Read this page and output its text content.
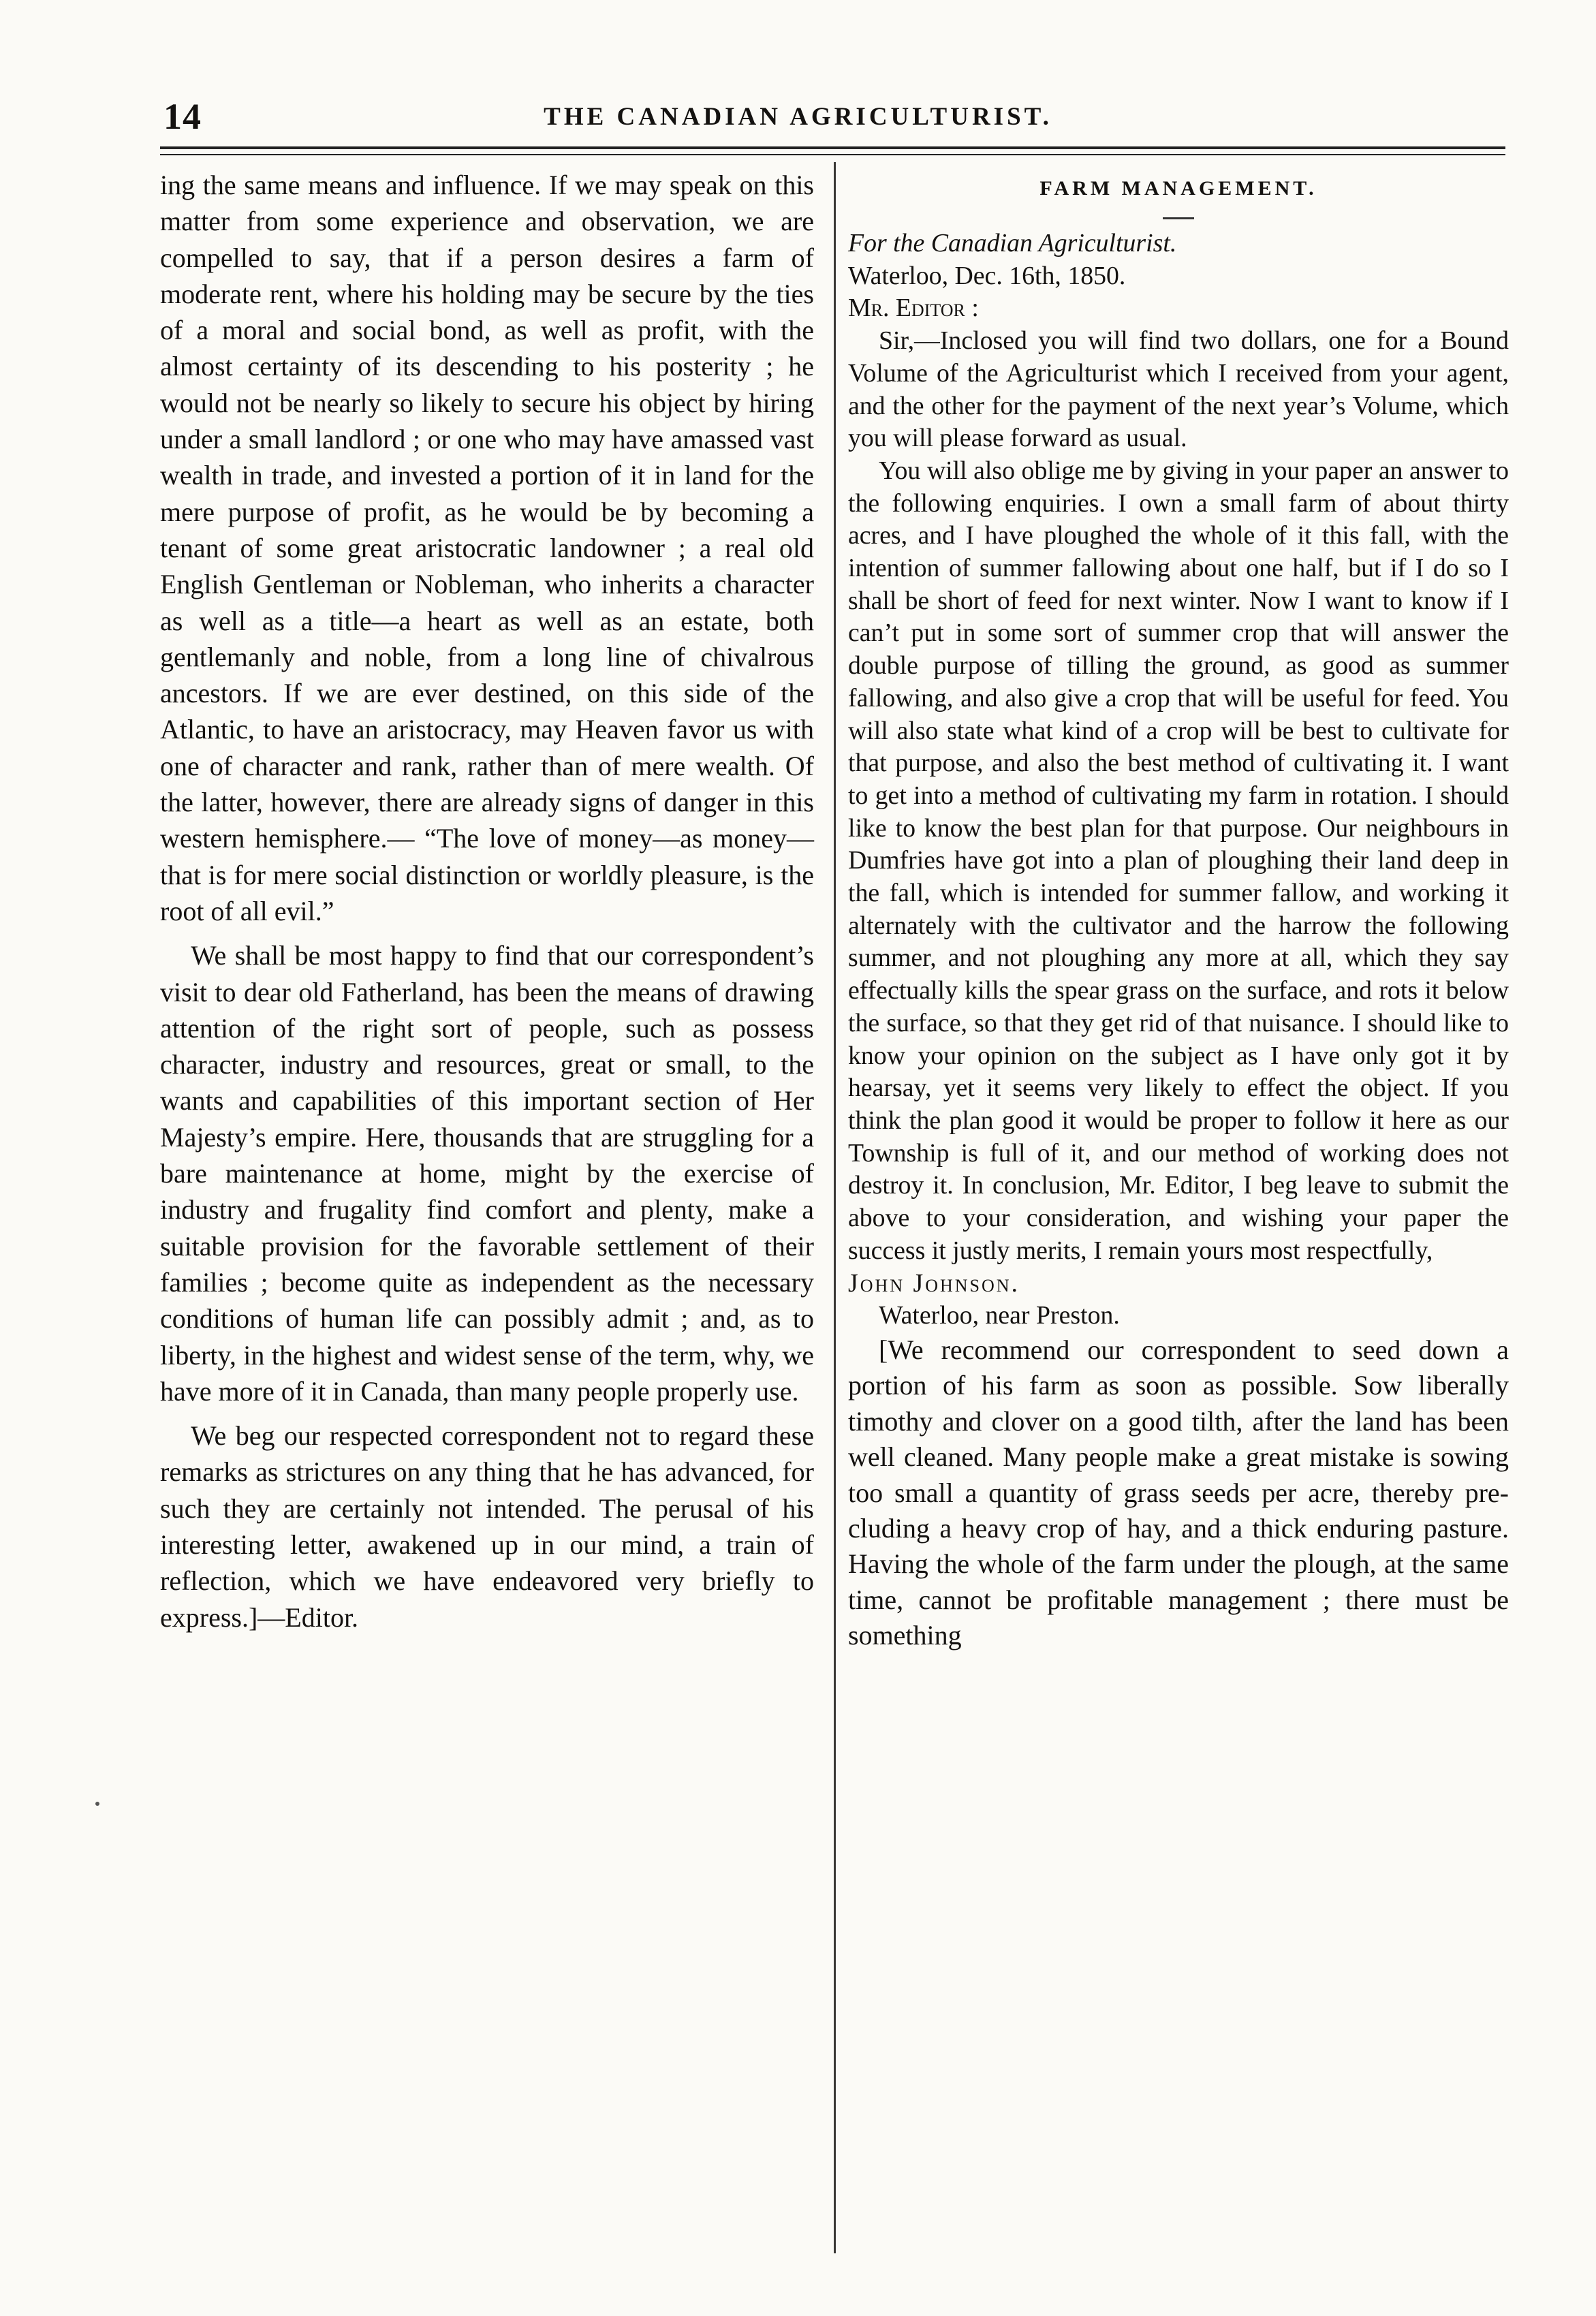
14	THE CANADIAN AGRICULTURIST.

ing the same means and influence. If we may speak on this matter from some experience and observation, we are compelled to say, that if a person desires a farm of moderate rent, where his holding may be secure by the ties of a moral and social bond, as well as profit, with the almost certainty of its descending to his posterity ; he would not be nearly so likely to secure his object by hiring under a small landlord ; or one who may have amassed vast wealth in trade, and invested a portion of it in land for the mere purpose of profit, as he would be by becoming a tenant of some great aristocratic landowner ; a real old English Gentleman or Nobleman, who inherits a character as well as a title—a heart as well as an estate, both gentlemanly and noble, from a long line of chivalrous ancestors. If we are ever destined, on this side of the Atlantic, to have an aristocracy, may Heaven favor us with one of character and rank, rather than of mere wealth. Of the latter, however, there are already signs of danger in this western hemisphere.— “The love of money—as money—that is for mere social distinction or worldly pleasure, is the root of all evil.”

We shall be most happy to find that our correspondent’s visit to dear old Fatherland, has been the means of drawing attention of the right sort of people, such as possess character, industry and resources, great or small, to the wants and capabilities of this important section of Her Majesty’s empire. Here, thousands that are struggling for a bare maintenance at home, might by the exercise of industry and frugality find comfort and plenty, make a suitable provision for the favorable settlement of their families ; become quite as independent as the necessary conditions of human life can possibly admit ; and, as to liberty, in the highest and widest sense of the term, why, we have more of it in Canada, than many people properly use.

We beg our respected correspondent not to regard these remarks as strictures on any thing that he has advanced, for such they are certainly not intended. The perusal of his interesting letter, awakened up in our mind, a train of reflection, which we have endeavored very briefly to express.]—Editor.

FARM MANAGEMENT.

For the Canadian Agriculturist.

Waterloo, Dec. 16th, 1850.

Mr. Editor :

Sir,—Inclosed you will find two dollars, one for a Bound Volume of the Agriculturist which I received from your agent, and the other for the payment of the next year’s Volume, which you will please forward as usual.

You will also oblige me by giving in your paper an answer to the following enquiries. I own a small farm of about thirty acres, and I have ploughed the whole of it this fall, with the intention of summer fallowing about one half, but if I do so I shall be short of feed for next winter. Now I want to know if I can’t put in some sort of summer crop that will answer the double purpose of tilling the ground, as good as summer fallowing, and also give a crop that will be useful for feed. You will also state what kind of a crop will be best to cultivate for that purpose, and also the best method of cultivating it. I want to get into a method of cultivating my farm in rotation. I should like to know the best plan for that purpose. Our neighbours in Dumfries have got into a plan of ploughing their land deep in the fall, which is intended for summer fallow, and working it alternately with the cultivator and the harrow the following summer, and not ploughing any more at all, which they say effectually kills the spear grass on the surface, and rots it below the surface, so that they get rid of that nuisance. I should like to know your opinion on the subject as I have only got it by hearsay, yet it seems very likely to effect the object. If you think the plan good it would be proper to follow it here as our Township is full of it, and our method of working does not destroy it. In conclusion, Mr. Editor, I beg leave to submit the above to your consideration, and wishing your paper the success it justly merits, I remain yours most respectfully,

John Johnson.

Waterloo, near Preston.

[We recommend our correspondent to seed down a portion of his farm as soon as possible. Sow liberally timothy and clover on a good tilth, after the land has been well cleaned. Many people make a great mistake is sowing too small a quantity of grass seeds per acre, thereby precluding a heavy crop of hay, and a thick enduring pasture. Having the whole of the farm under the plough, at the same time, cannot be profitable management ; there must be something
